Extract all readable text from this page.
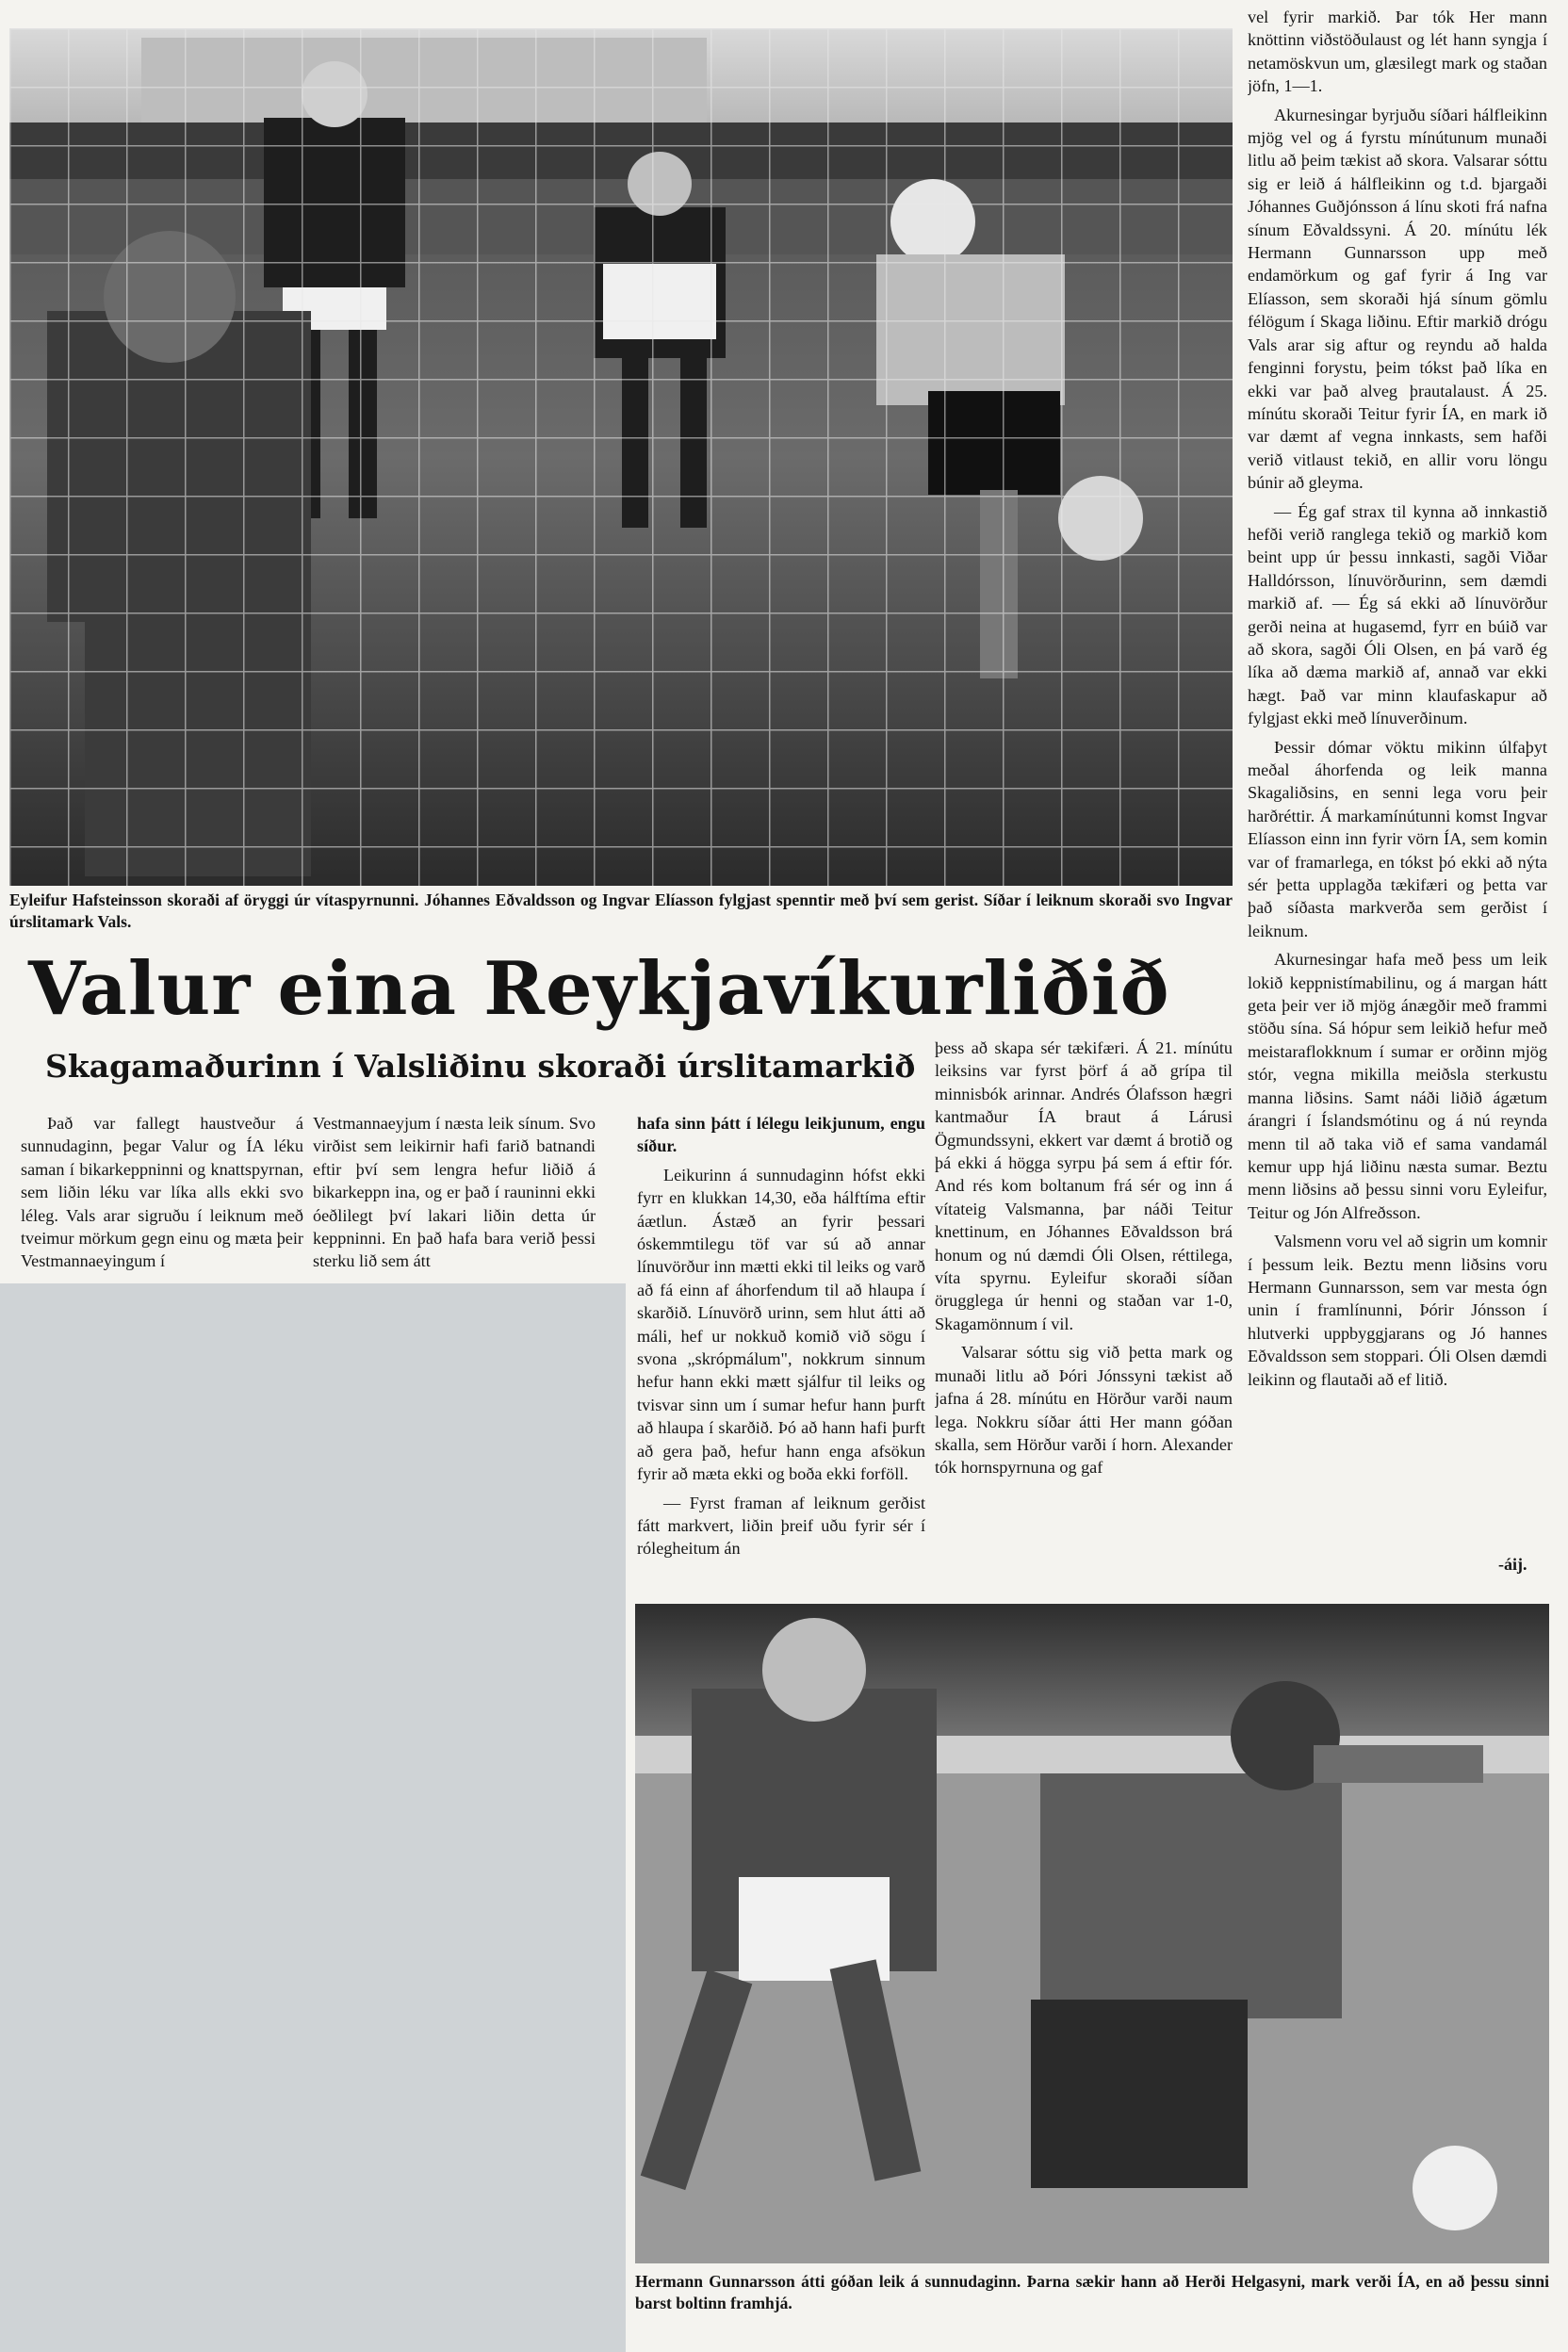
Eyleifur Hafsteinsson skoraði af öryggi úr vítaspyrnunni. Jóhannes Eðvaldsson og Ingvar Elíasson fylgjast spenntir með því sem gerist. Síðar í leiknum skoraði svo Ingvar úrslitamark Vals.
Valur eina Reykjavíkurliðið
Skagamaðurinn í Valsliðinu skoraði úrslitamarkið

Það var fallegt haustveður á sunnudaginn, þegar Valur og ÍA léku saman í bikarkeppninni og knattspyrnan, sem liðin léku var líka alls ekki svo léleg. Vals arar sigruðu í leiknum með tveimur mörkum gegn einu og mæta þeir Vestmannaeyingum í

Vestmannaeyjum í næsta leik sínum. Svo virðist sem leikirnir hafi farið batnandi eftir því sem lengra hefur liðið á bikarkeppn ina, og er það í rauninni ekki óeðlilegt því lakari liðin detta úr keppninni. En það hafa bara verið þessi sterku lið sem átt

hafa sinn þátt í lélegu leikjunum, engu síður.

Leikurinn á sunnudaginn hófst ekki fyrr en klukkan 14,30, eða hálftíma eftir áætlun. Ástæð an fyrir þessari óskemmtilegu töf var sú að annar línuvörður inn mætti ekki til leiks og varð að fá einn af áhorfendum til að hlaupa í skarðið. Línuvörð urinn, sem hlut átti að máli, hef ur nokkuð komið við sögu í svona „skrópmálum", nokkrum sinnum hefur hann ekki mætt sjálfur til leiks og tvisvar sinn um í sumar hefur hann þurft að hlaupa í skarðið. Þó að hann hafi þurft að gera það, hefur hann enga afsökun fyrir að mæta ekki og boða ekki forföll.

— Fyrst framan af leiknum gerðist fátt markvert, liðin þreif uðu fyrir sér í rólegheitum án

þess að skapa sér tækifæri. Á 21. mínútu leiksins var fyrst þörf á að grípa til minnisbók arinnar. Andrés Ólafsson hægri kantmaður ÍA braut á Lárusi Ögmundssyni, ekkert var dæmt á brotið og þá ekki á högga syrpu þá sem á eftir fór. And rés kom boltanum frá sér og inn á vítateig Valsmanna, þar náði Teitur knettinum, en Jóhannes Eðvaldsson brá honum og nú dæmdi Óli Olsen, réttilega, víta spyrnu. Eyleifur skoraði síðan örugglega úr henni og staðan var 1-0, Skagamönnum í vil.

Valsarar sóttu sig við þetta mark og munaði litlu að Þóri Jónssyni tækist að jafna á 28. mínútu en Hörður varði naum lega. Nokkru síðar átti Her mann góðan skalla, sem Hörður varði í horn. Alexander tók hornspyrnuna og gaf

vel fyrir markið. Þar tók Her mann knöttinn viðstöðulaust og lét hann syngja í netamöskvun um, glæsilegt mark og staðan jöfn, 1—1.

Akurnesingar byrjuðu síðari hálfleikinn mjög vel og á fyrstu mínútunum munaði litlu að þeim tækist að skora. Valsarar sóttu sig er leið á hálfleikinn og t.d. bjargaði Jóhannes Guðjónsson á línu skoti frá nafna sínum Eðvaldssyni. Á 20. mínútu lék Hermann Gunnarsson upp með endamörkum og gaf fyrir á Ing var Elíasson, sem skoraði hjá sínum gömlu félögum í Skaga liðinu. Eftir markið drógu Vals arar sig aftur og reyndu að halda fenginni forystu, þeim tókst það líka en ekki var það alveg þrautalaust. Á 25. mínútu skoraði Teitur fyrir ÍA, en mark ið var dæmt af vegna innkasts, sem hafði verið vitlaust tekið, en allir voru löngu búnir að gleyma.

— Ég gaf strax til kynna að innkastið hefði verið ranglega tekið og markið kom beint upp úr þessu innkasti, sagði Viðar Halldórsson, línuvörðurinn, sem dæmdi markið af. — Ég sá ekki að línuvörður gerði neina at hugasemd, fyrr en búið var að skora, sagði Óli Olsen, en þá varð ég líka að dæma markið af, annað var ekki hægt. Það var minn klaufaskapur að fylgjast ekki með línuverðinum.

Þessir dómar vöktu mikinn úlfaþyt meðal áhorfenda og leik manna Skagaliðsins, en senni lega voru þeir harðréttir. Á markamínútunni komst Ingvar Elíasson einn inn fyrir vörn ÍA, sem komin var of framarlega, en tókst þó ekki að nýta sér þetta upplagða tækifæri og þetta var það síðasta markverða sem gerðist í leiknum.

Akurnesingar hafa með þess um leik lokið keppnistímabilinu, og á margan hátt geta þeir ver ið mjög ánægðir með frammi stöðu sína. Sá hópur sem leikið hefur með meistaraflokknum í sumar er orðinn mjög stór, vegna mikilla meiðsla sterkustu manna liðsins. Samt náði liðið ágætum árangri í Íslandsmótinu og á nú reynda menn til að taka við ef sama vandamál kemur upp hjá liðinu næsta sumar. Beztu menn liðsins að þessu sinni voru Eyleifur, Teitur og Jón Alfreðsson.

Valsmenn voru vel að sigrin um komnir í þessum leik. Beztu menn liðsins voru Hermann Gunnarsson, sem var mesta ógn unin í framlínunni, Þórir Jónsson í hlutverki uppbyggjarans og Jó hannes Eðvaldsson sem stoppari. Óli Olsen dæmdi leikinn og flautaði að ef litið.

-áij.
Hermann Gunnarsson átti góðan leik á sunnudaginn. Þarna sækir hann að Herði Helgasyni, mark verði ÍA, en að þessu sinni barst boltinn framhjá.
